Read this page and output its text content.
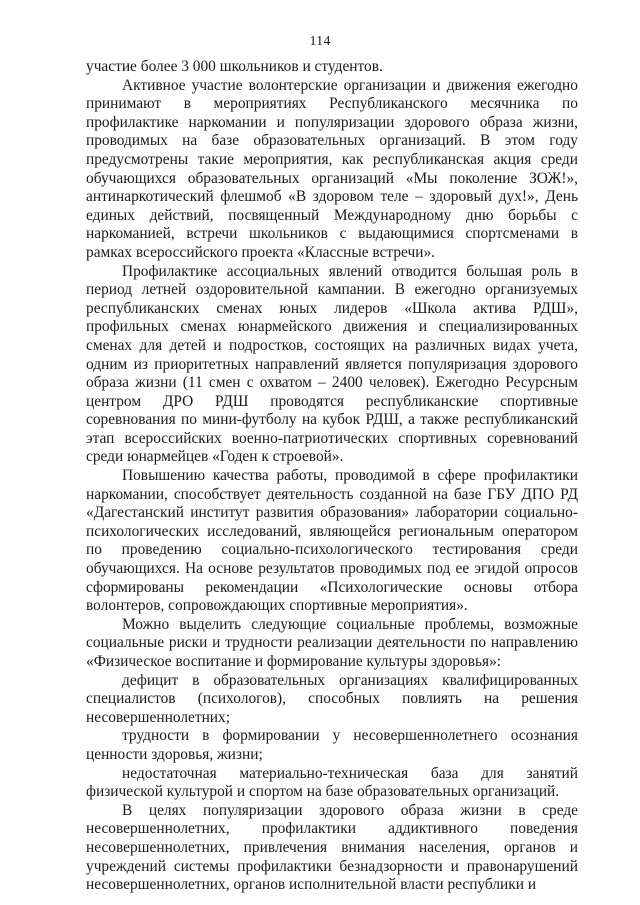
114

участие более 3 000 школьников и студентов.

Активное участие волонтерские организации и движения ежегодно принимают в мероприятиях Республиканского месячника по профилактике наркомании и популяризации здорового образа жизни, проводимых на базе образовательных организаций. В этом году предусмотрены такие мероприятия, как республиканская акция среди обучающихся образовательных организаций «Мы поколение ЗОЖ!», антинаркотический флешмоб «В здоровом теле – здоровый дух!», День единых действий, посвященный Международному дню борьбы с наркоманией, встречи школьников с выдающимися спортсменами в рамках всероссийского проекта «Классные встречи».

Профилактике ассоциальных явлений отводится большая роль в период летней оздоровительной кампании. В ежегодно организуемых республиканских сменах юных лидеров «Школа актива РДШ», профильных сменах юнармейского движения и специализированных сменах для детей и подростков, состоящих на различных видах учета, одним из приоритетных направлений является популяризация здорового образа жизни (11 смен с охватом – 2400 человек). Ежегодно Ресурсным центром ДРО РДШ проводятся республиканские спортивные соревнования по мини-футболу на кубок РДШ, а также республиканский этап всероссийских военно-патриотических спортивных соревнований среди юнармейцев «Годен к строевой».

Повышению качества работы, проводимой в сфере профилактики наркомании, способствует деятельность созданной на базе ГБУ ДПО РД «Дагестанский институт развития образования» лаборатории социально-психологических исследований, являющейся региональным оператором по проведению социально-психологического тестирования среди обучающихся. На основе результатов проводимых под ее эгидой опросов сформированы рекомендации «Психологические основы отбора волонтеров, сопровождающих спортивные мероприятия».

Можно выделить следующие социальные проблемы, возможные социальные риски и трудности реализации деятельности по направлению «Физическое воспитание и формирование культуры здоровья»:

дефицит в образовательных организациях квалифицированных специалистов (психологов), способных повлиять на решения несовершеннолетних;

трудности в формировании у несовершеннолетнего осознания ценности здоровья, жизни;

недостаточная материально-техническая база для занятий физической культурой и спортом на базе образовательных организаций.

В целях популяризации здорового образа жизни в среде несовершеннолетних, профилактики аддиктивного поведения несовершеннолетних, привлечения внимания населения, органов и учреждений системы профилактики безнадзорности и правонарушений несовершеннолетних, органов исполнительной власти республики и
